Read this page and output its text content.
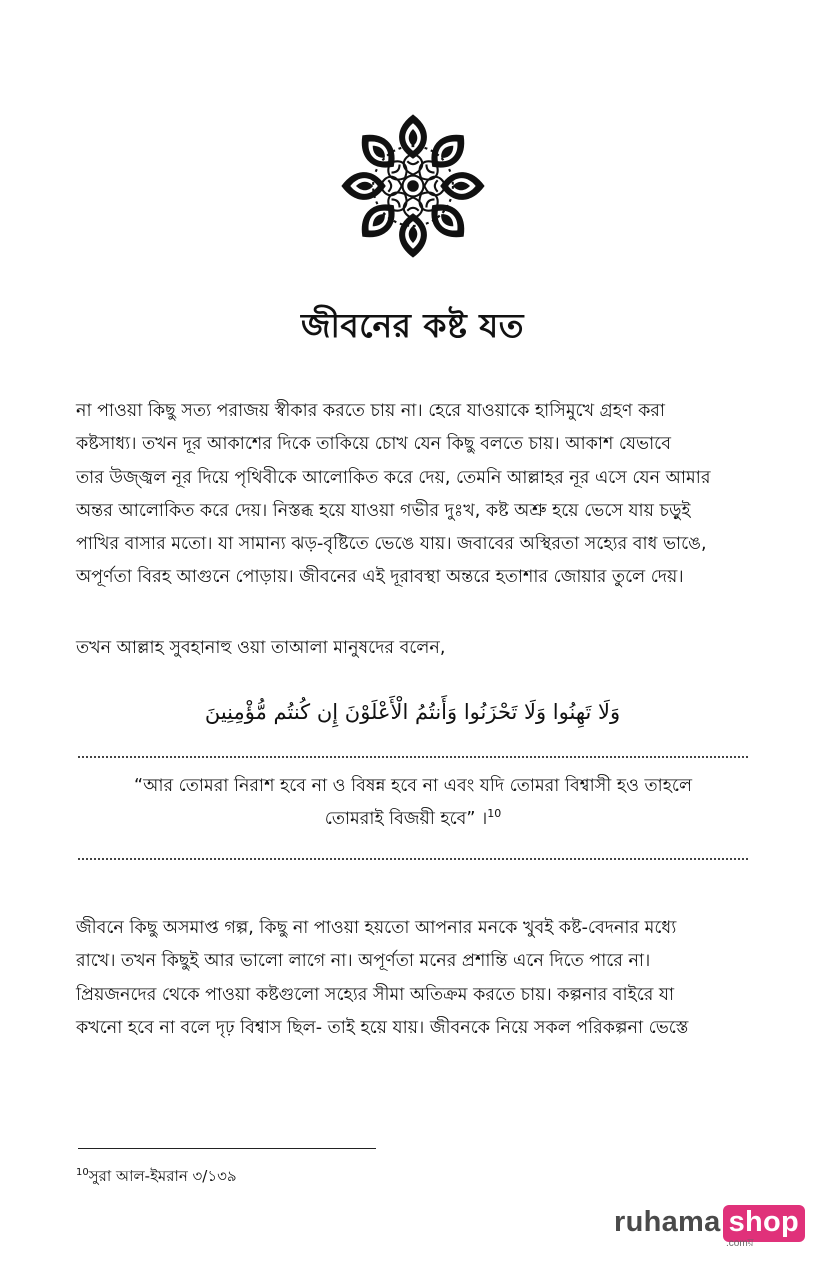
জীবনের কষ্ট যত
না পাওয়া কিছু সত্য পরাজয় স্বীকার করতে চায় না। হেরে যাওয়াকে হাসিমুখে গ্রহণ করা
কষ্টসাধ্য। তখন দূর আকাশের দিকে তাকিয়ে চোখ যেন কিছু বলতে চায়। আকাশ যেভাবে
তার উজ্জ্বল নূর দিয়ে পৃথিবীকে আলোকিত করে দেয়, তেমনি আল্লাহর নূর এসে যেন আমার
অন্তর আলোকিত করে দেয়। নিস্তব্ধ হয়ে যাওয়া গভীর দুঃখ, কষ্ট অশ্রু হয়ে ভেসে যায় চড়ুই
পাখির বাসার মতো। যা সামান্য ঝড়-বৃষ্টিতে ভেঙে যায়। জবাবের অস্থিরতা সহ্যের বাধ ভাঙে,
অপূর্ণতা বিরহ আগুনে পোড়ায়। জীবনের এই দূরাবস্থা অন্তরে হতাশার জোয়ার তুলে দেয়।
তখন আল্লাহ সুবহানাহু ওয়া তাআলা মানুষদের বলেন,
وَلَا تَهِنُوا وَلَا تَحْزَنُوا وَأَنتُمُ الْأَعْلَوْنَ إِن كُنتُم مُّؤْمِنِينَ
“আর তোমরা নিরাশ হবে না ও বিষন্ন হবে না এবং যদি তোমরা বিশ্বাসী হও তাহলে
তোমরাই বিজয়ী হবে” ।$^{10}$
জীবনে কিছু অসমাপ্ত গল্প, কিছু না পাওয়া হয়তো আপনার মনকে খুবই কষ্ট-বেদনার মধ্যে
রাখে। তখন কিছুই আর ভালো লাগে না। অপূর্ণতা মনের প্রশান্তি এনে দিতে পারে না।
প্রিয়জনদের থেকে পাওয়া কষ্টগুলো সহ্যের সীমা অতিক্রম করতে চায়। কল্পনার বাইরে যা
কখনো হবে না বলে দৃঢ় বিশ্বাস ছিল- তাই হয়ে যায়। জীবনকে নিয়ে সকল পরিকল্পনা ভেস্তে
$^{10}$সুরা আল-ইমরান ৩/১৩৯
ruhama shop
.comয়
